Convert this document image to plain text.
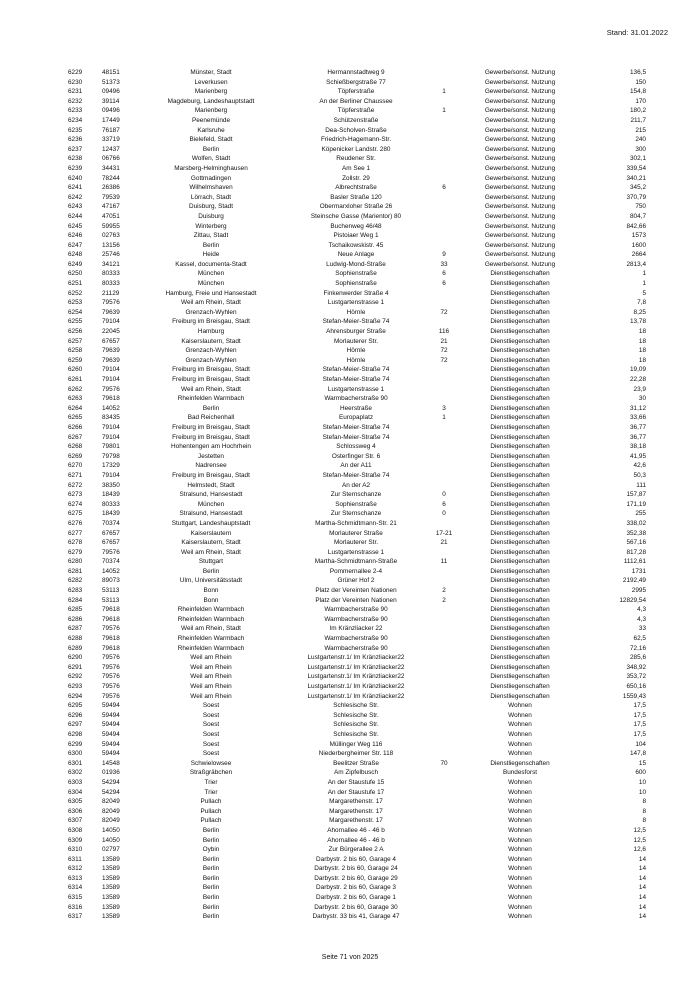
Stand: 31.01.2022
6229	48151	Münster, Stadt	Hermannstadtweg 9		Gewerbe/sonst. Nutzung	136,5
6230	51373	Leverkusen	Schießbergstraße 77		Gewerbe/sonst. Nutzung	150
6231	09496	Marienberg	Töpferstraße	1	Gewerbe/sonst. Nutzung	154,8
6232	39114	Magdeburg, Landeshauptstadt	An der Berliner Chaussee		Gewerbe/sonst. Nutzung	170
6233	09496	Marienberg	Töpferstraße	1	Gewerbe/sonst. Nutzung	180,2
6234	17449	Peenemünde	Schützenstraße		Gewerbe/sonst. Nutzung	211,7
6235	76187	Karlsruhe	Dea-Scholven-Straße		Gewerbe/sonst. Nutzung	215
6236	33719	Bielefeld, Stadt	Friedrich-Hagemann-Str.		Gewerbe/sonst. Nutzung	240
6237	12437	Berlin	Köpenicker Landstr. 280		Gewerbe/sonst. Nutzung	300
6238	06766	Wolfen, Stadt	Reudener Str.		Gewerbe/sonst. Nutzung	302,1
6239	34431	Marsberg-Helminghausen	Am See 1		Gewerbe/sonst. Nutzung	339,54
6240	78244	Gottmadingen	Zollstr. 29		Gewerbe/sonst. Nutzung	340,21
6241	26386	Wilhelmshaven	Albrechtstraße	6	Gewerbe/sonst. Nutzung	345,2
6242	79539	Lörrach, Stadt	Basler Straße 120		Gewerbe/sonst. Nutzung	370,79
6243	47167	Duisburg, Stadt	Obermarxloher Straße 26		Gewerbe/sonst. Nutzung	750
6244	47051	Duisburg	Steinsche Gasse (Marientor) 80		Gewerbe/sonst. Nutzung	804,7
6245	59955	Winterberg	Buchenweg 46/48		Gewerbe/sonst. Nutzung	842,66
6246	02763	Zittau, Stadt	Pistoiaer Weg 1		Gewerbe/sonst. Nutzung	1573
6247	13156	Berlin	Tschaikowskistr. 45		Gewerbe/sonst. Nutzung	1600
6248	25746	Heide	Neue Anlage	9	Gewerbe/sonst. Nutzung	2664
6249	34121	Kassel, documenta-Stadt	Ludwig-Mond-Straße	33	Gewerbe/sonst. Nutzung	2813,4
6250	80333	München	Sophienstraße	6	Dienstliegenschaften	1
6251	80333	München	Sophienstraße	6	Dienstliegenschaften	1
6252	21129	Hamburg, Freie und Hansestadt	Finkenwerder Straße 4		Dienstliegenschaften	5
6253	79576	Weil am Rhein, Stadt	Lustgartenstrasse 1		Dienstliegenschaften	7,8
6254	79639	Grenzach-Wyhlen	Hörnle	72	Dienstliegenschaften	8,25
6255	79104	Freiburg im Breisgau, Stadt	Stefan-Meier-Straße 74		Dienstliegenschaften	13,78
6256	22045	Hamburg	Ahrensburger Straße	116	Dienstliegenschaften	18
6257	67657	Kaiserslautern, Stadt	Morlauterer Str.	21	Dienstliegenschaften	18
6258	79639	Grenzach-Wyhlen	Hörnle	72	Dienstliegenschaften	18
6259	79639	Grenzach-Wyhlen	Hörnle	72	Dienstliegenschaften	18
6260	79104	Freiburg im Breisgau, Stadt	Stefan-Meier-Straße 74		Dienstliegenschaften	19,09
6261	79104	Freiburg im Breisgau, Stadt	Stefan-Meier-Straße 74		Dienstliegenschaften	22,28
6262	79576	Weil am Rhein, Stadt	Lustgartenstrasse 1		Dienstliegenschaften	23,9
6263	79618	Rheinfelden Warmbach	Warmbacherstraße 90		Dienstliegenschaften	30
6264	14052	Berlin	Heerstraße	3	Dienstliegenschaften	31,12
6265	83435	Bad Reichenhall	Europaplatz	1	Dienstliegenschaften	33,66
6266	79104	Freiburg im Breisgau, Stadt	Stefan-Meier-Straße 74		Dienstliegenschaften	36,77
6267	79104	Freiburg im Breisgau, Stadt	Stefan-Meier-Straße 74		Dienstliegenschaften	36,77
6268	79801	Hohentengen am Hochrhein	Schlossweg 4		Dienstliegenschaften	38,18
6269	79798	Jestetten	Osterfinger Str. 6		Dienstliegenschaften	41,95
6270	17329	Nadrensee	An der A11		Dienstliegenschaften	42,6
6271	79104	Freiburg im Breisgau, Stadt	Stefan-Meier-Straße 74		Dienstliegenschaften	50,3
6272	38350	Helmstedt, Stadt	An der A2		Dienstliegenschaften	111
6273	18439	Stralsund, Hansestadt	Zur Sternschanze	0	Dienstliegenschaften	157,87
6274	80333	München	Sophienstraße	6	Dienstliegenschaften	171,19
6275	18439	Stralsund, Hansestadt	Zur Sternschanze	0	Dienstliegenschaften	255
6276	70374	Stuttgart, Landeshauptstadt	Martha-Schmidtmann-Str. 21		Dienstliegenschaften	338,02
6277	67657	Kaiserslautern	Morlauterer Straße	17-21	Dienstliegenschaften	352,38
6278	67657	Kaiserslautern, Stadt	Morlauterer Str.	21	Dienstliegenschaften	567,16
6279	79576	Weil am Rhein, Stadt	Lustgartenstrasse 1		Dienstliegenschaften	817,28
6280	70374	Stuttgart	Martha-Schmidtmann-Straße	11	Dienstliegenschaften	1112,61
6281	14052	Berlin	Pommernallee 2-4		Dienstliegenschaften	1731
6282	89073	Ulm, Universitätsstadt	Grüner Hof 2		Dienstliegenschaften	2192,49
6283	53113	Bonn	Platz der Vereinten Nationen	2	Dienstliegenschaften	2995
6284	53113	Bonn	Platz der Vereinten Nationen	2	Dienstliegenschaften	12829,54
6285	79618	Rheinfelden Warmbach	Warmbacherstraße 90		Dienstliegenschaften	4,3
6286	79618	Rheinfelden Warmbach	Warmbacherstraße 90		Dienstliegenschaften	4,3
6287	79576	Weil am Rhein, Stadt	Im Kränzliacker 22		Dienstliegenschaften	33
6288	79618	Rheinfelden Warmbach	Warmbacherstraße 90		Dienstliegenschaften	62,5
6289	79618	Rheinfelden Warmbach	Warmbacherstraße 90		Dienstliegenschaften	72,16
6290	79576	Weil am Rhein	Lustgartenstr.1/ Im Kränzliacker22		Dienstliegenschaften	285,6
6291	79576	Weil am Rhein	Lustgartenstr.1/ Im Kränzliacker22		Dienstliegenschaften	348,92
6292	79576	Weil am Rhein	Lustgartenstr.1/ Im Kränzliacker22		Dienstliegenschaften	353,72
6293	79576	Weil am Rhein	Lustgartenstr.1/ Im Kränzliacker22		Dienstliegenschaften	650,16
6294	79576	Weil am Rhein	Lustgartenstr.1/ Im Kränzliacker22		Dienstliegenschaften	1559,43
6295	59494	Soest	Schlesische Str.		Wohnen	17,5
6296	59494	Soest	Schlesische Str.		Wohnen	17,5
6297	59494	Soest	Schlesische Str.		Wohnen	17,5
6298	59494	Soest	Schlesische Str.		Wohnen	17,5
6299	59494	Soest	Müllinger Weg 116		Wohnen	104
6300	59494	Soest	Niederbergheimer Str. 118		Wohnen	147,8
6301	14548	Schwielowsee	Beelitzer Straße	70	Dienstliegenschaften	15
6302	01936	Straßgräbchen	Am Zipfelbusch		Bundesforst	600
6303	54294	Trier	An der Staustufe 15		Wohnen	10
6304	54294	Trier	An der Staustufe 17		Wohnen	10
6305	82049	Pullach	Margarethenstr. 17		Wohnen	8
6306	82049	Pullach	Margarethenstr. 17		Wohnen	8
6307	82049	Pullach	Margarethenstr. 17		Wohnen	8
6308	14050	Berlin	Ahornallee 46 - 46 b		Wohnen	12,5
6309	14050	Berlin	Ahornallee 46 - 46 b		Wohnen	12,5
6310	02797	Oybin	Zur Bürgerallee 2 A		Wohnen	12,6
6311	13589	Berlin	Darbystr. 2 bis 60, Garage 4		Wohnen	14
6312	13589	Berlin	Darbystr. 2 bis 60, Garage 24		Wohnen	14
6313	13589	Berlin	Darbystr. 2 bis 60, Garage 29		Wohnen	14
6314	13589	Berlin	Darbystr. 2 bis 60, Garage 3		Wohnen	14
6315	13589	Berlin	Darbystr. 2 bis 60, Garage 1		Wohnen	14
6316	13589	Berlin	Darbystr. 2 bis 60, Garage 30		Wohnen	14
6317	13589	Berlin	Darbystr. 33 bis 41, Garage 47		Wohnen	14
Seite 71 von 2025
